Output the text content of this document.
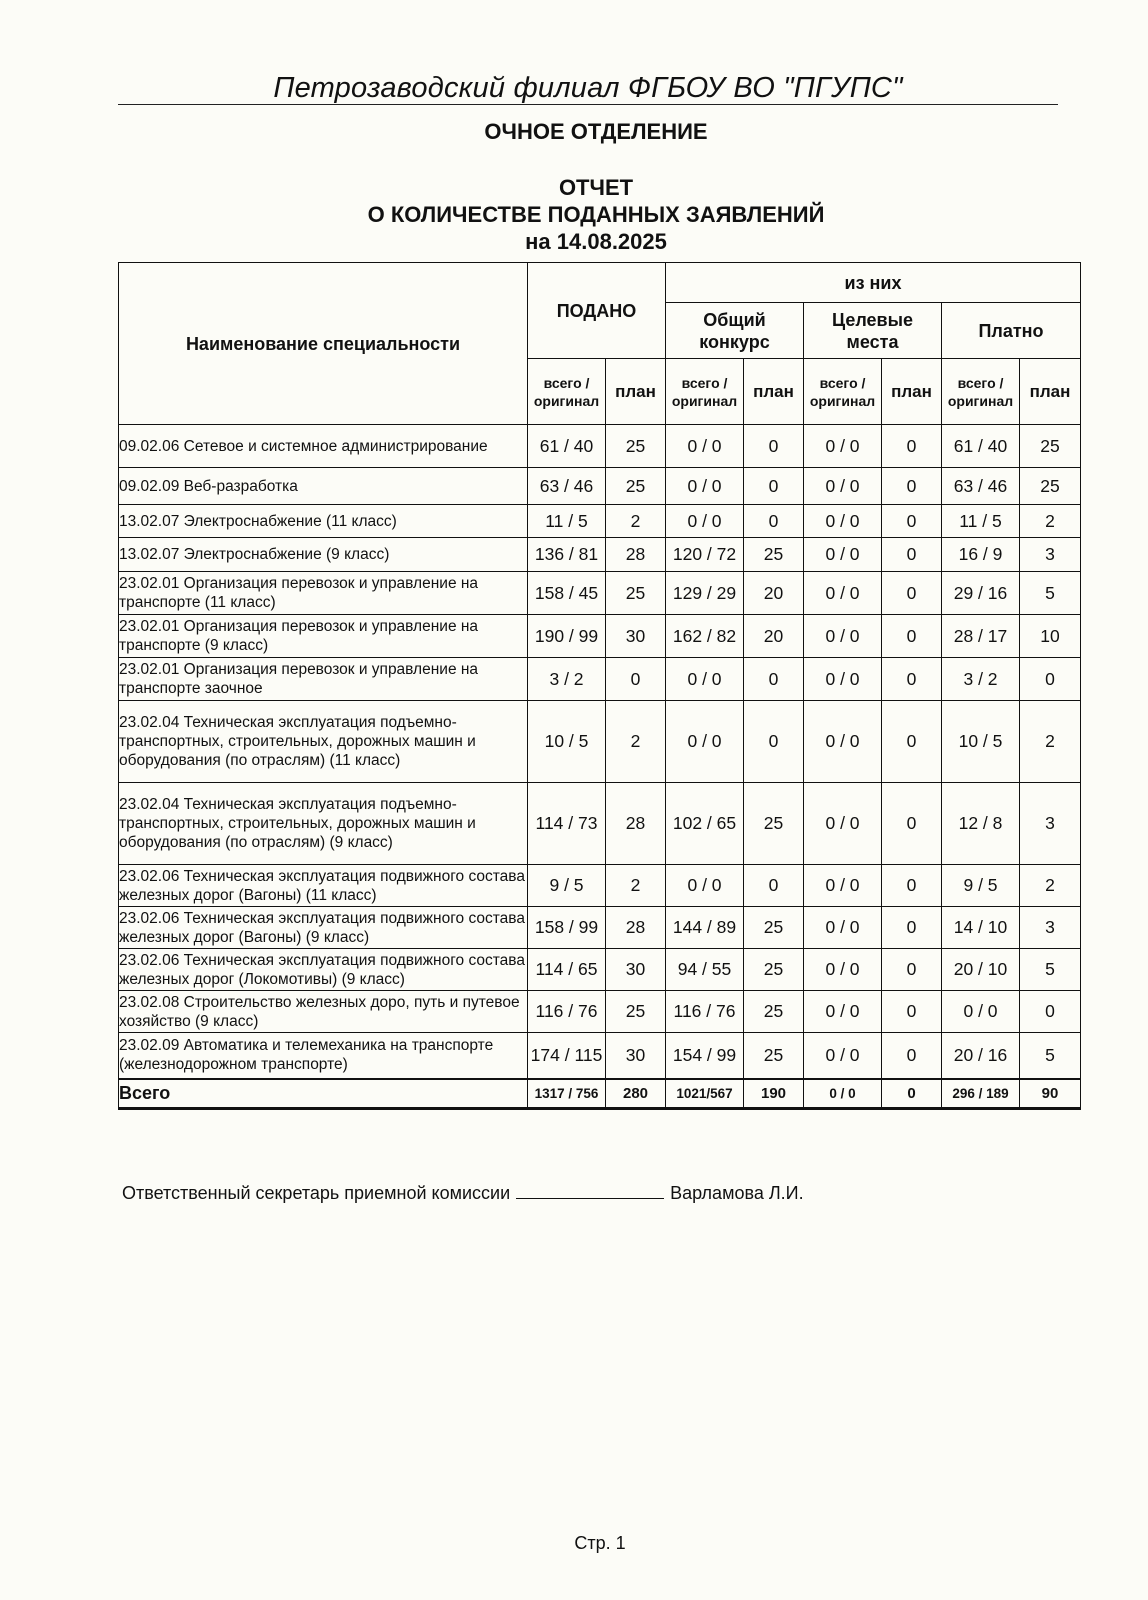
Петрозаводский филиал ФГБОУ ВО "ПГУПС"
ОЧНОЕ ОТДЕЛЕНИЕ
ОТЧЕТ
О КОЛИЧЕСТВЕ ПОДАННЫХ ЗАЯВЛЕНИЙ
на 14.08.2025
Наименование специальности	ПОДАНО		из них					
			Общий конкурс		Целевые места		Платно	
	всего / оригинал	план	всего / оригинал	план	всего / оригинал	план	всего / оригинал	план
09.02.06 Сетевое и системное администрирование	61 / 40	25	0 / 0	0	0 / 0	0	61 / 40	25
09.02.09 Веб-разработка	63 / 46	25	0 / 0	0	0 / 0	0	63 / 46	25
13.02.07 Электроснабжение (11 класс)	11 / 5	2	0 / 0	0	0 / 0	0	11 / 5	2
13.02.07 Электроснабжение (9 класс)	136 / 81	28	120 / 72	25	0 / 0	0	16 / 9	3
23.02.01 Организация перевозок и управление на транспорте (11 класс)	158 / 45	25	129 / 29	20	0 / 0	0	29 / 16	5
23.02.01 Организация перевозок и управление на транспорте (9 класс)	190 / 99	30	162 / 82	20	0 / 0	0	28 / 17	10
23.02.01 Организация перевозок и управление на транспорте заочное	3 / 2	0	0 / 0	0	0 / 0	0	3 / 2	0
23.02.04 Техническая эксплуатация подъемно-транспортных, строительных, дорожных машин и оборудования (по отраслям) (11 класс)	10 / 5	2	0 / 0	0	0 / 0	0	10 / 5	2
23.02.04 Техническая эксплуатация подъемно-транспортных, строительных, дорожных машин и оборудования (по отраслям) (9 класс)	114 / 73	28	102 / 65	25	0 / 0	0	12 / 8	3
23.02.06 Техническая эксплуатация подвижного состава железных дорог (Вагоны) (11 класс)	9 / 5	2	0 / 0	0	0 / 0	0	9 / 5	2
23.02.06 Техническая эксплуатация подвижного состава железных дорог (Вагоны) (9 класс)	158 / 99	28	144 / 89	25	0 / 0	0	14 / 10	3
23.02.06 Техническая эксплуатация подвижного состава железных дорог (Локомотивы) (9 класс)	114 / 65	30	94 / 55	25	0 / 0	0	20 / 10	5
23.02.08 Строительство железных доро, путь и путевое хозяйство (9 класс)	116 / 76	25	116 / 76	25	0 / 0	0	0 / 0	0
23.02.09 Автоматика и телемеханика на транспорте (железнодорожном транспорте)	174 / 115	30	154 / 99	25	0 / 0	0	20 / 16	5
Всего	1317 / 756	280	1021/567	190	0 / 0	0	296 / 189	90
Ответственный секретарь приемной комиссии	Варламова Л.И.
Стр. 1
